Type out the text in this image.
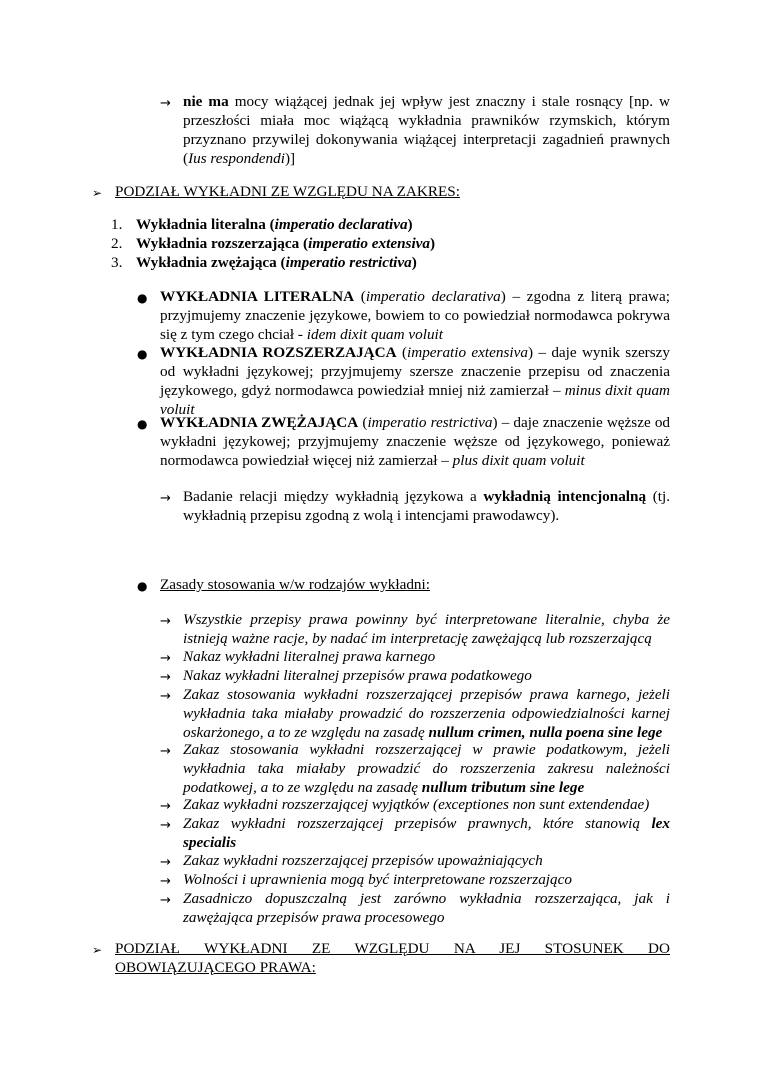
→ nie ma mocy wiążącej jednak jej wpływ jest znaczny i stale rosnący [np. w przeszłości miała moc wiążącą wykładnia prawników rzymskich, którym przyznano przywilej dokonywania wiążącej interpretacji zagadnień prawnych (Ius respondendi)]
➢ PODZIAŁ WYKŁADNI ZE WZGLĘDU NA ZAKRES:
1. Wykładnia literalna (imperatio declarativa)
2. Wykładnia rozszerzająca (imperatio extensiva)
3. Wykładnia zwężająca (imperatio restrictiva)
● WYKŁADNIA LITERALNA (imperatio declarativa) – zgodna z literą prawa; przyjmujemy znaczenie językowe, bowiem to co powiedział normodawca pokrywa się z tym czego chciał - idem dixit quam voluit
● WYKŁADNIA ROZSZERZAJĄCA (imperatio extensiva) – daje wynik szerszy od wykładni językowej; przyjmujemy szersze znaczenie przepisu od znaczenia językowego, gdyż normodawca powiedział mniej niż zamierzał – minus dixit quam voluit
● WYKŁADNIA ZWĘŻAJĄCA (imperatio restrictiva) – daje znaczenie węższe od wykładni językowej; przyjmujemy znaczenie węższe od językowego, ponieważ normodawca powiedział więcej niż zamierzał – plus dixit quam voluit
→ Badanie relacji między wykładnią językowa a wykładnią intencjonalną (tj. wykładnią przepisu zgodną z wolą i intencjami prawodawcy).
● Zasady stosowania w/w rodzajów wykładni:
→ Wszystkie przepisy prawa powinny być interpretowane literalnie, chyba że istnieją ważne racje, by nadać im interpretację zawężającą lub rozszerzającą
→ Nakaz wykładni literalnej prawa karnego
→ Nakaz wykładni literalnej przepisów prawa podatkowego
→ Zakaz stosowania wykładni rozszerzającej przepisów prawa karnego, jeżeli wykładnia taka miałaby prowadzić do rozszerzenia odpowiedzialności karnej oskarżonego, a to ze względu na zasadę nullum crimen, nulla poena sine lege
→ Zakaz stosowania wykładni rozszerzającej w prawie podatkowym, jeżeli wykładnia taka miałaby prowadzić do rozszerzenia zakresu należności podatkowej, a to ze względu na zasadę nullum tributum sine lege
→ Zakaz wykładni rozszerzającej wyjątków (exceptiones non sunt extendendae)
→ Zakaz wykładni rozszerzającej przepisów prawnych, które stanowią lex specialis
→ Zakaz wykładni rozszerzającej przepisów upoważniających
→ Wolności i uprawnienia mogą być interpretowane rozszerzająco
→ Zasadniczo dopuszczalną jest zarówno wykładnia rozszerzająca, jak i zawężająca przepisów prawa procesowego
➢ PODZIAŁ WYKŁADNI ZE WZGLĘDU NA JEJ STOSUNEK DO
OBOWIĄZUJĄCEGO PRAWA:
